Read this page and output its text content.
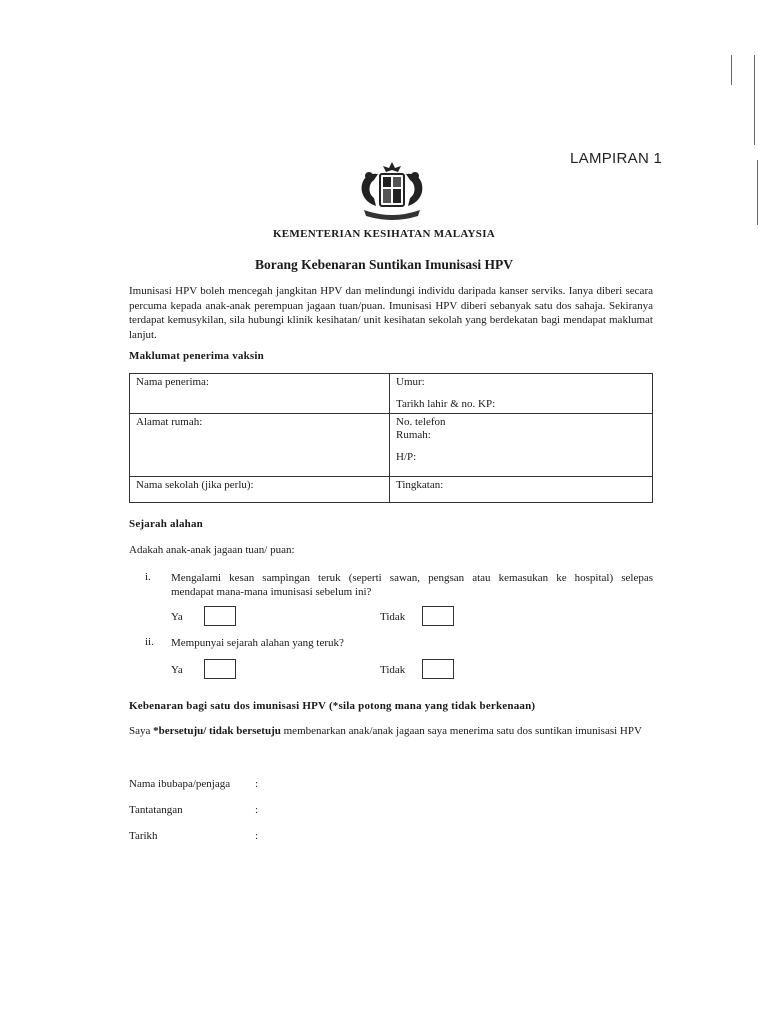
LAMPIRAN 1
KEMENTERIAN KESIHATAN MALAYSIA
Borang Kebenaran Suntikan Imunisasi HPV
Imunisasi HPV boleh mencegah jangkitan HPV dan melindungi individu daripada kanser serviks. Ianya diberi secara percuma kepada anak-anak perempuan jagaan tuan/puan. Imunisasi HPV diberi sebanyak satu dos sahaja. Sekiranya terdapat kemusykilan, sila hubungi klinik kesihatan/ unit kesihatan sekolah yang berdekatan bagi mendapat maklumat lanjut.
Maklumat penerima vaksin
Nama penerima:	Umur:
Tarikh lahir & no. KP:

Alamat rumah:	No. telefon
Rumah:
H/P:

Nama sekolah (jika perlu):	Tingkatan:
Sejarah alahan
Adakah anak-anak jagaan tuan/ puan:
i. Mengalami kesan sampingan teruk (seperti sawan, pengsan atau kemasukan ke hospital) selepas
mendapat mana-mana imunisasi sebelum ini?
Ya	Tidak
ii. Mempunyai sejarah alahan yang teruk?
Ya	Tidak
Kebenaran bagi satu dos imunisasi HPV (*sila potong mana yang tidak berkenaan)
Saya *bersetuju/ tidak bersetuju membenarkan anak/anak jagaan saya menerima satu dos suntikan imunisasi HPV
Nama ibubapa/penjaga :
Tantatangan	:
Tarikh	:
